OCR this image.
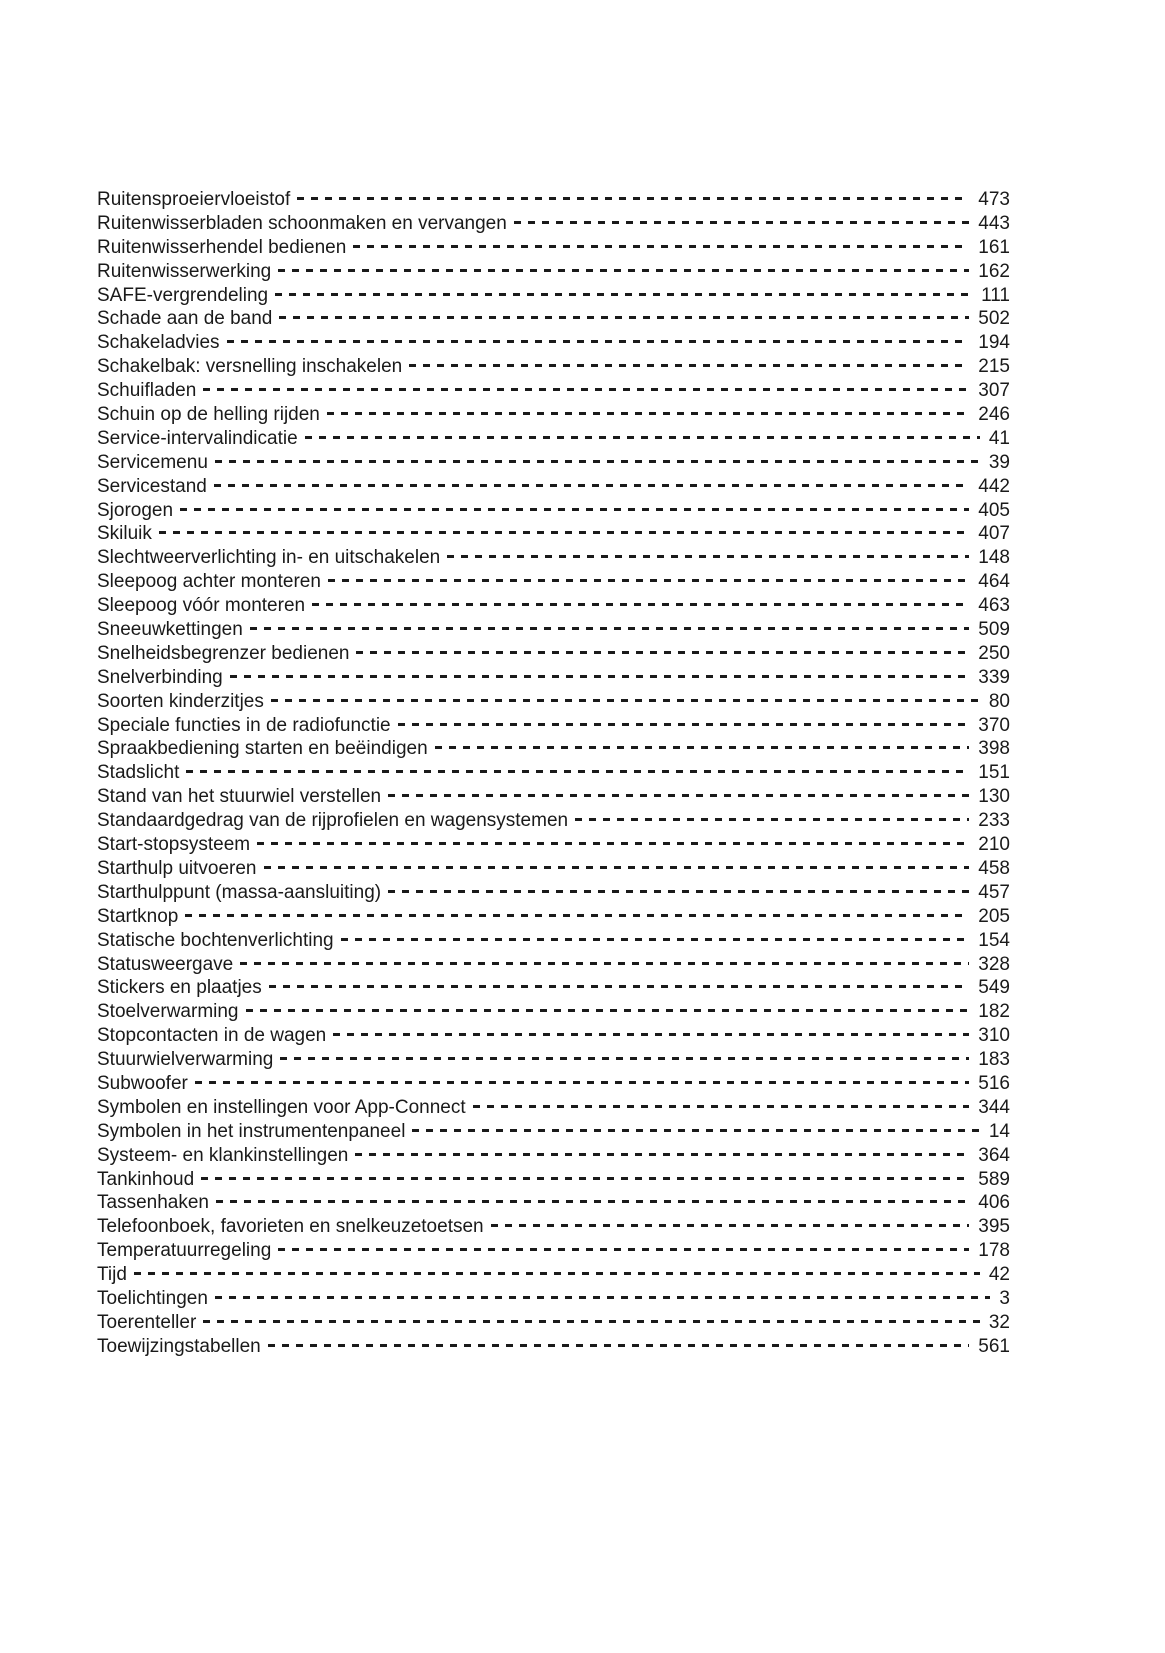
Ruitensproeiervloeistof	473
Ruitenwisserbladen schoonmaken en vervangen	443
Ruitenwisserhendel bedienen	161
Ruitenwisserwerking	162
SAFE-vergrendeling	111
Schade aan de band	502
Schakeladvies	194
Schakelbak: versnelling inschakelen	215
Schuifladen	307
Schuin op de helling rijden	246
Service-intervalindicatie	41
Servicemenu	39
Servicestand	442
Sjorogen	405
Skiluik	407
Slechtweerverlichting in- en uitschakelen	148
Sleepoog achter monteren	464
Sleepoog vóór monteren	463
Sneeuwkettingen	509
Snelheidsbegrenzer bedienen	250
Snelverbinding	339
Soorten kinderzitjes	80
Speciale functies in de radiofunctie	370
Spraakbediening starten en beëindigen	398
Stadslicht	151
Stand van het stuurwiel verstellen	130
Standaardgedrag van de rijprofielen en wagensystemen	233
Start-stopsysteem	210
Starthulp uitvoeren	458
Starthulppunt (massa-aansluiting)	457
Startknop	205
Statische bochtenverlichting	154
Statusweergave	328
Stickers en plaatjes	549
Stoelverwarming	182
Stopcontacten in de wagen	310
Stuurwielverwarming	183
Subwoofer	516
Symbolen en instellingen voor App-Connect	344
Symbolen in het instrumentenpaneel	14
Systeem- en klankinstellingen	364
Tankinhoud	589
Tassenhaken	406
Telefoonboek, favorieten en snelkeuzetoetsen	395
Temperatuurregeling	178
Tijd	42
Toelichtingen	3
Toerenteller	32
Toewijzingstabellen	561
